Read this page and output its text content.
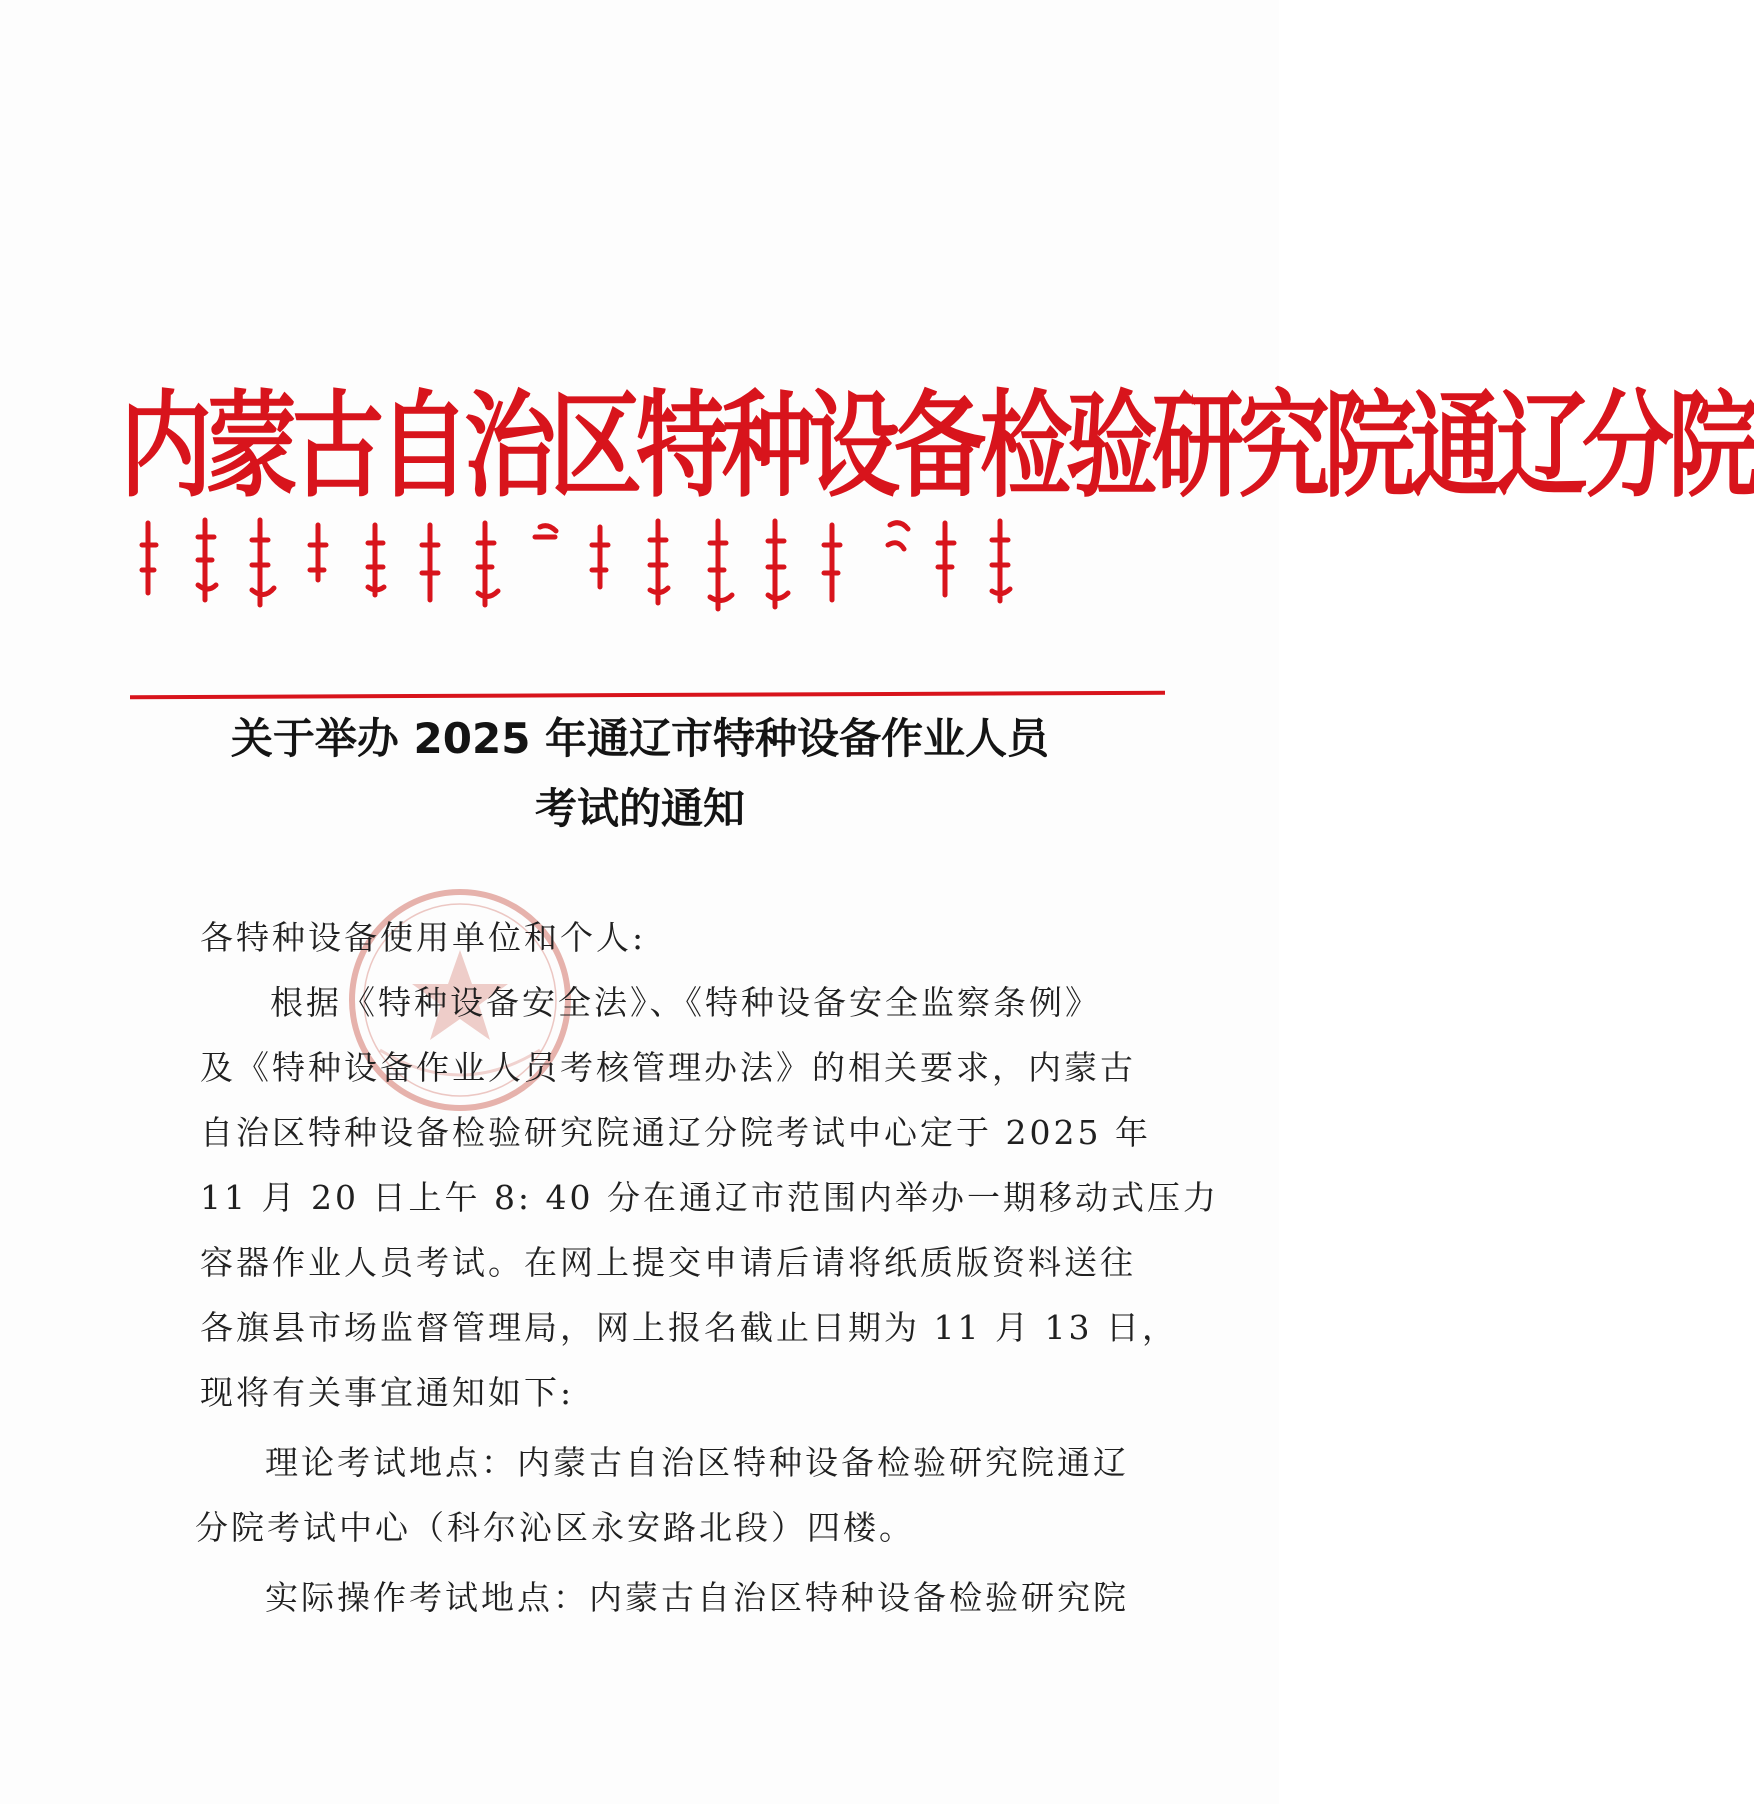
内蒙古自治区特种设备检验研究院通辽分院
关于举办 2025 年通辽市特种设备作业人员
考试的通知
各特种设备使用单位和个人:
根据《特种设备安全法》、《特种设备安全监察条例》
及《特种设备作业人员考核管理办法》的相关要求，内蒙古
自治区特种设备检验研究院通辽分院考试中心定于 2025 年
11 月 20 日上午 8: 40 分在通辽市范围内举办一期移动式压力
容器作业人员考试。在网上提交申请后请将纸质版资料送往
各旗县市场监督管理局，网上报名截止日期为 11 月 13 日，
现将有关事宜通知如下:
理论考试地点：内蒙古自治区特种设备检验研究院通辽
分院考试中心（科尔沁区永安路北段）四楼。
实际操作考试地点：内蒙古自治区特种设备检验研究院
